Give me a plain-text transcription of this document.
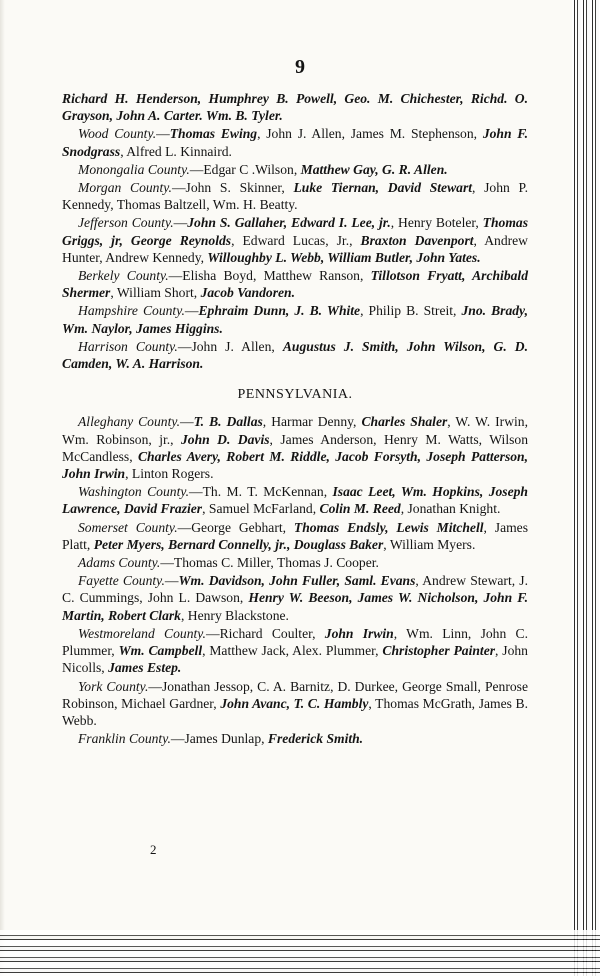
9

Richard H. Henderson, Humphrey B. Powell, Geo. M. Chichester, Richd. O. Grayson, John A. Carter. Wm. B. Tyler.

Wood County.—Thomas Ewing, John J. Allen, James M. Stephenson, John F. Snodgrass, Alfred L. Kinnaird.

Monongalia County.—Edgar C .Wilson, Matthew Gay, G. R. Allen.

Morgan County.—John S. Skinner, Luke Tiernan, David Stewart, John P. Kennedy, Thomas Baltzell, Wm. H. Beatty.

Jefferson County.—John S. Gallaher, Edward I. Lee, jr., Henry Boteler, Thomas Griggs, jr, George Reynolds, Edward Lucas, Jr., Braxton Davenport, Andrew Hunter, Andrew Kennedy, Willoughby L. Webb, William Butler, John Yates.

Berkely County.—Elisha Boyd, Matthew Ranson, Tillotson Fryatt, Archibald Shermer, William Short, Jacob Vandoren.

Hampshire County.—Ephraim Dunn, J. B. White, Philip B. Streit, Jno. Brady, Wm. Naylor, James Higgins.

Harrison County.—John J. Allen, Augustus J. Smith, John Wilson, G. D. Camden, W. A. Harrison.

PENNSYLVANIA.

Alleghany County.—T. B. Dallas, Harmar Denny, Charles Shaler, W. W. Irwin, Wm. Robinson, jr., John D. Davis, James Anderson, Henry M. Watts, Wilson McCandless, Charles Avery, Robert M. Riddle, Jacob Forsyth, Joseph Patterson, John Irwin, Linton Rogers.

Washington County.—Th. M. T. McKennan, Isaac Leet, Wm. Hopkins, Joseph Lawrence, David Frazier, Samuel McFarland, Colin M. Reed, Jonathan Knight.

Somerset County.—George Gebhart, Thomas Endsly, Lewis Mitchell, James Platt, Peter Myers, Bernard Connelly, jr., Douglass Baker, William Myers.

Adams County.—Thomas C. Miller, Thomas J. Cooper.

Fayette County.—Wm. Davidson, John Fuller, Saml. Evans, Andrew Stewart, J. C. Cummings, John L. Dawson, Henry W. Beeson, James W. Nicholson, John F. Martin, Robert Clark, Henry Blackstone.

Westmoreland County.—Richard Coulter, John Irwin, Wm. Linn, John C. Plummer, Wm. Campbell, Matthew Jack, Alex. Plummer, Christopher Painter, John Nicolls, James Estep.

York County.—Jonathan Jessop, C. A. Barnitz, D. Durkee, George Small, Penrose Robinson, Michael Gardner, John Avanc, T. C. Hambly, Thomas McGrath, James B. Webb.

Franklin County.—James Dunlap, Frederick Smith.

2
